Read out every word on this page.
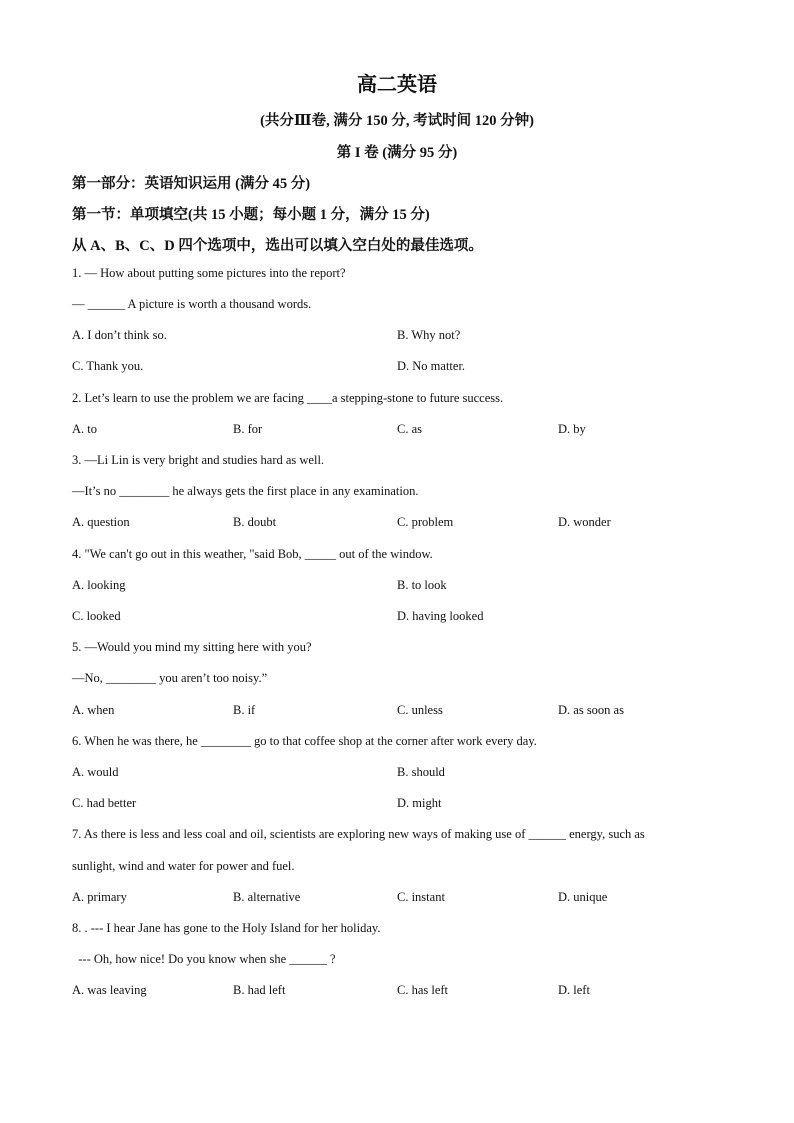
高二英语
(共分Ⅲ卷, 满分 150 分, 考试时间 120 分钟)
第 I 卷 (满分 95 分)
第一部分：英语知识运用 (满分 45 分)
第一节：单项填空(共 15 小题；每小题 1 分，满分 15 分)
从 A、B、C、D 四个选项中，选出可以填入空白处的最佳选项。
1. — How about putting some pictures into the report?
— ______ A picture is worth a thousand words.
A. I don’t think so.	B. Why not?
C. Thank you.	D. No matter.
2. Let’s learn to use the problem we are facing ____a stepping-stone to future success.
A. to	B. for	C. as	D. by
3. —Li Lin is very bright and studies hard as well.
—It’s no ________ he always gets the first place in any examination.
A. question	B. doubt	C. problem	D. wonder
4. "We can't go out in this weather, "said Bob, _____ out of the window.
A. looking	B. to look
C. looked	D. having looked
5. —Would you mind my sitting here with you?
—No, ________ you aren’t too noisy.”
A. when	B. if	C. unless	D. as soon as
6. When he was there, he ________ go to that coffee shop at the corner after work every day.
A. would	B. should
C. had better	D. might
7. As there is less and less coal and oil, scientists are exploring new ways of making use of ______ energy, such as
sunlight, wind and water for power and fuel.
A. primary	B. alternative	C. instant	D. unique
8. . --- I hear Jane has gone to the Holy Island for her holiday.
--- Oh, how nice! Do you know when she ______ ?
A. was leaving	B. had left	C. has left	D. left
